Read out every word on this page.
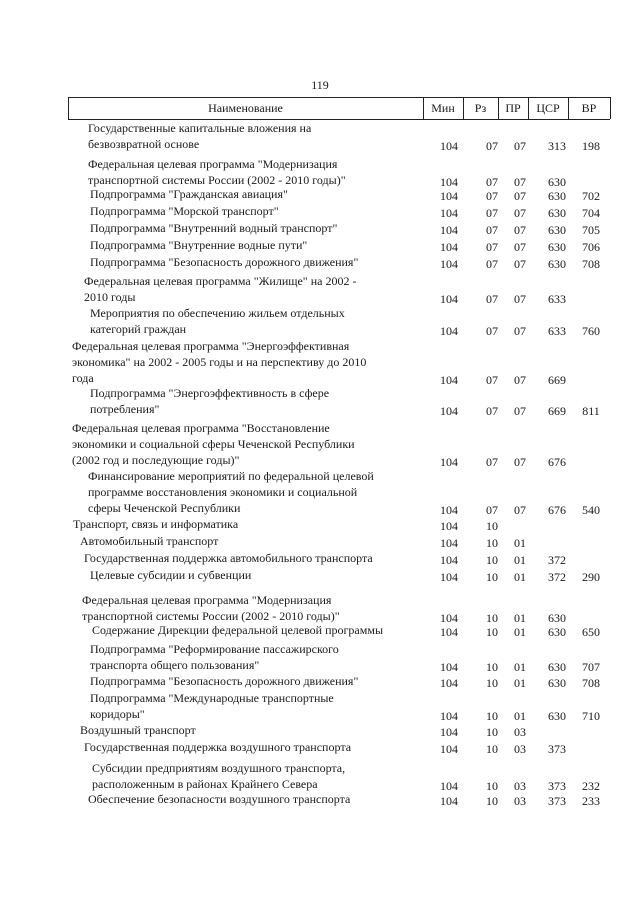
119
Наименование	Мин	Рз	ПР	ЦСР	ВР
Государственные капитальные вложения на
безвозвратной основе	104	07	07	313	198
Федеральная целевая программа "Модернизация
транспортной системы России (2002 - 2010 годы)"	104	07	07	630
Подпрограмма "Гражданская авиация"	104	07	07	630	702
Подпрограмма "Морской транспорт"	104	07	07	630	704
Подпрограмма "Внутренний водный транспорт"	104	07	07	630	705
Подпрограмма "Внутренние водные пути"	104	07	07	630	706
Подпрограмма "Безопасность дорожного движения"	104	07	07	630	708
Федеральная целевая программа "Жилище" на 2002 -
2010 годы	104	07	07	633
Мероприятия по обеспечению жильем отдельных
категорий граждан	104	07	07	633	760
Федеральная целевая программа "Энергоэффективная
экономика" на 2002 - 2005 годы и на перспективу до 2010
года	104	07	07	669
Подпрограмма "Энергоэффективность в сфере
потребления"	104	07	07	669	811
Федеральная целевая программа "Восстановление
экономики и социальной сферы Чеченской Республики
(2002 год и последующие годы)"	104	07	07	676
Финансирование мероприятий по федеральной целевой
программе восстановления экономики и социальной
сферы Чеченской Республики	104	07	07	676	540
Транспорт, связь и информатика	104	10
Автомобильный транспорт	104	10	01
Государственная поддержка автомобильного транспорта	104	10	01	372
Целевые субсидии и субвенции	104	10	01	372	290
Федеральная целевая программа "Модернизация
транспортной системы России (2002 - 2010 годы)"	104	10	01	630
Содержание Дирекции федеральной целевой программы	104	10	01	630	650
Подпрограмма "Реформирование пассажирского
транспорта общего пользования"	104	10	01	630	707
Подпрограмма "Безопасность дорожного движения"	104	10	01	630	708
Подпрограмма "Международные транспортные
коридоры"	104	10	01	630	710
Воздушный транспорт	104	10	03
Государственная поддержка воздушного транспорта	104	10	03	373
Субсидии предприятиям воздушного транспорта,
расположенным в районах Крайнего Севера	104	10	03	373	232
Обеспечение безопасности воздушного транспорта	104	10	03	373	233
